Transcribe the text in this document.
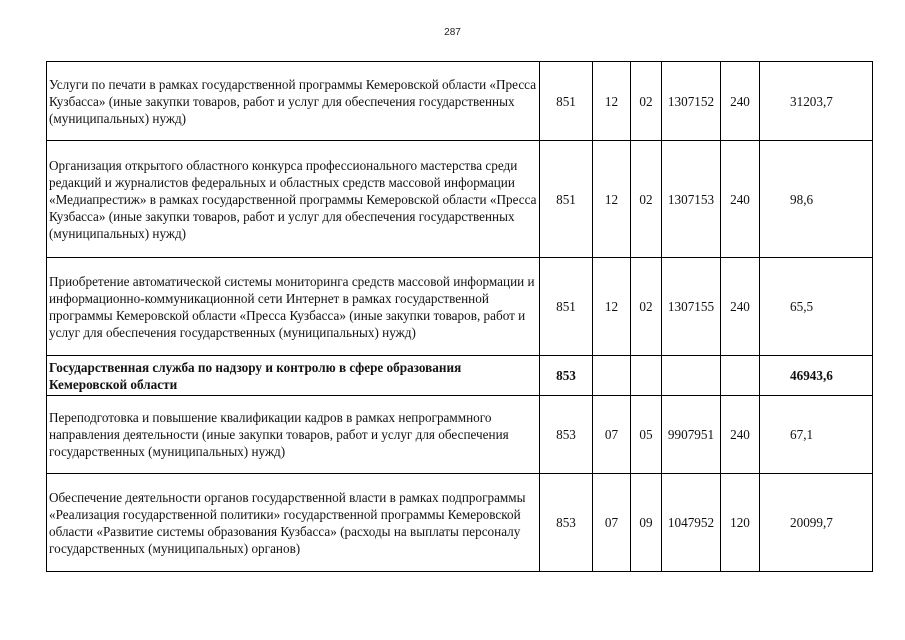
287
Услуги по печати в рамках государственной программы Кемеровской области «Пресса Кузбасса» (иные закупки товаров, работ и услуг для обеспечения государственных (муниципальных) нужд)	851	12	02	1307152	240	31203,7
Организация открытого областного конкурса профессионального мастерства среди редакций и журналистов федеральных и областных средств массовой информации «Медиапрестиж» в рамках государственной программы Кемеровской области «Пресса Кузбасса» (иные закупки товаров, работ и услуг для обеспечения государственных (муниципальных) нужд)	851	12	02	1307153	240	98,6
Приобретение автоматической системы мониторинга средств массовой информации и информационно-коммуникационной сети Интернет в рамках государственной программы Кемеровской области «Пресса Кузбасса» (иные закупки товаров, работ и услуг для обеспечения государственных (муниципальных) нужд)	851	12	02	1307155	240	65,5
Государственная служба по надзору и контролю в сфере образования Кемеровской области	853					46943,6
Переподготовка и повышение квалификации кадров в рамках непрограммного направления деятельности (иные закупки товаров, работ и услуг для обеспечения государственных (муниципальных) нужд)	853	07	05	9907951	240	67,1
Обеспечение деятельности органов государственной власти в рамках подпрограммы «Реализация государственной политики» государственной программы Кемеровской области «Развитие системы образования Кузбасса» (расходы на выплаты персоналу государственных (муниципальных) органов)	853	07	09	1047952	120	20099,7
